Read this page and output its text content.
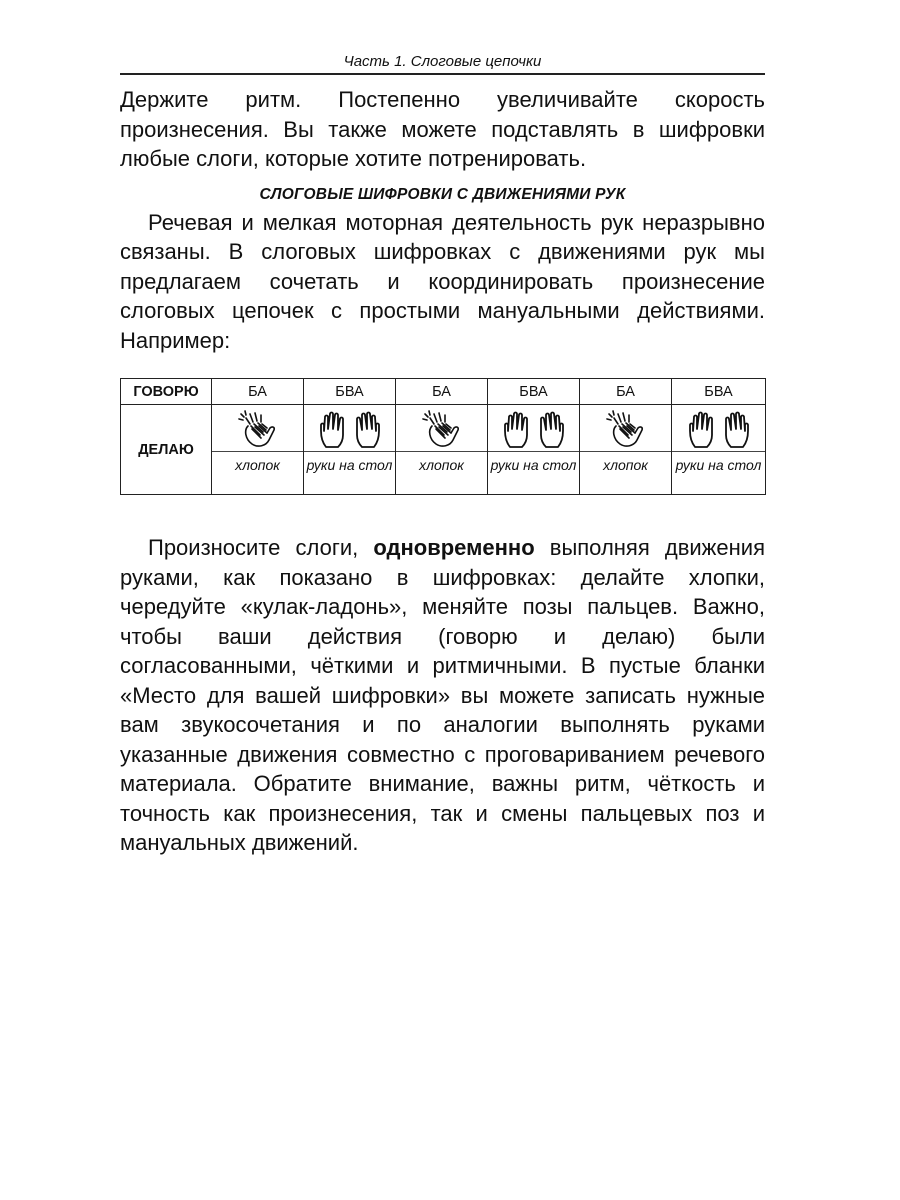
Часть 1. Слоговые цепочки

Держите ритм. Постепенно увеличивайте скорость произнесения. Вы также можете подставлять в шифровки любые слоги, которые хотите потренировать.

СЛОГОВЫЕ ШИФРОВКИ С ДВИЖЕНИЯМИ РУК

Речевая и мелкая моторная деятельность рук неразрывно связаны. В слоговых шифровках с движениями рук мы предлагаем сочетать и координировать произнесение слоговых цепочек с простыми мануальными действиями. Например:

ГОВОРЮ	БА	БВА	БА	БВА	БА	БВА
ДЕЛАЮ	хлопок	руки на стол	хлопок	руки на стол	хлопок	руки на стол

Произносите слоги, одновременно выполняя движения руками, как показано в шифровках: делайте хлопки, чередуйте «кулак-ладонь», меняйте позы пальцев. Важно, чтобы ваши действия (говорю и делаю) были согласованными, чёткими и ритмичными. В пустые бланки «Место для вашей шифровки» вы можете записать нужные вам звукосочетания и по аналогии выполнять руками указанные движения совместно с проговариванием речевого материала. Обратите внимание, важны ритм, чёткость и точность как произнесения, так и смены пальцевых поз и мануальных движений.
